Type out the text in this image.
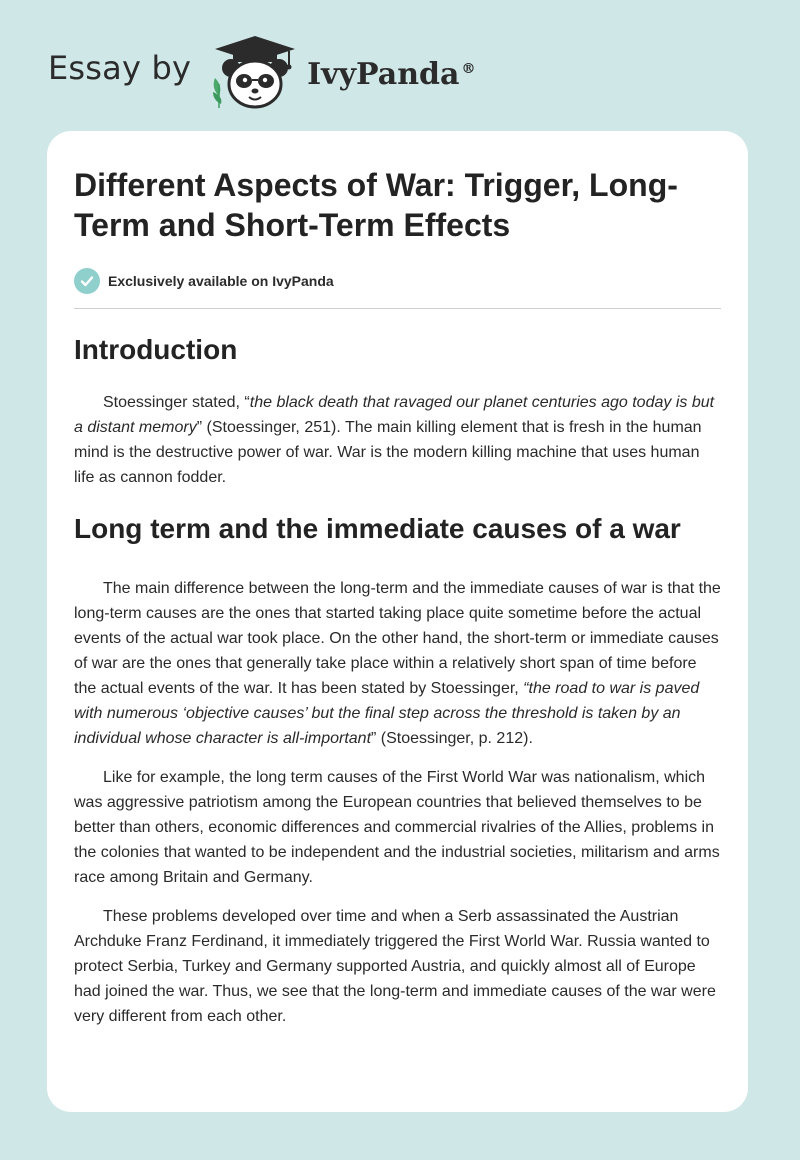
Essay by	IvyPanda ®
Different Aspects of War: Trigger, Long-Term and Short-Term Effects
Exclusively available on IvyPanda
Introduction

Stoessinger stated, “the black death that ravaged our planet centuries ago today is but a distant memory” (Stoessinger, 251). The main killing element that is fresh in the human mind is the destructive power of war. War is the modern killing machine that uses human life as cannon fodder.

Long term and the immediate causes of a war

The main difference between the long-term and the immediate causes of war is that the long-term causes are the ones that started taking place quite sometime before the actual events of the actual war took place. On the other hand, the short-term or immediate causes of war are the ones that generally take place within a relatively short span of time before the actual events of the war. It has been stated by Stoessinger, “the road to war is paved with numerous ‘objective causes’ but the final step across the threshold is taken by an individual whose character is all-important” (Stoessinger, p. 212).

Like for example, the long term causes of the First World War was nationalism, which was aggressive patriotism among the European countries that believed themselves to be better than others, economic differences and commercial rivalries of the Allies, problems in the colonies that wanted to be independent and the industrial societies, militarism and arms race among Britain and Germany.

These problems developed over time and when a Serb assassinated the Austrian Archduke Franz Ferdinand, it immediately triggered the First World War. Russia wanted to protect Serbia, Turkey and Germany supported Austria, and quickly almost all of Europe had joined the war. Thus, we see that the long-term and immediate causes of the war were very different from each other.
